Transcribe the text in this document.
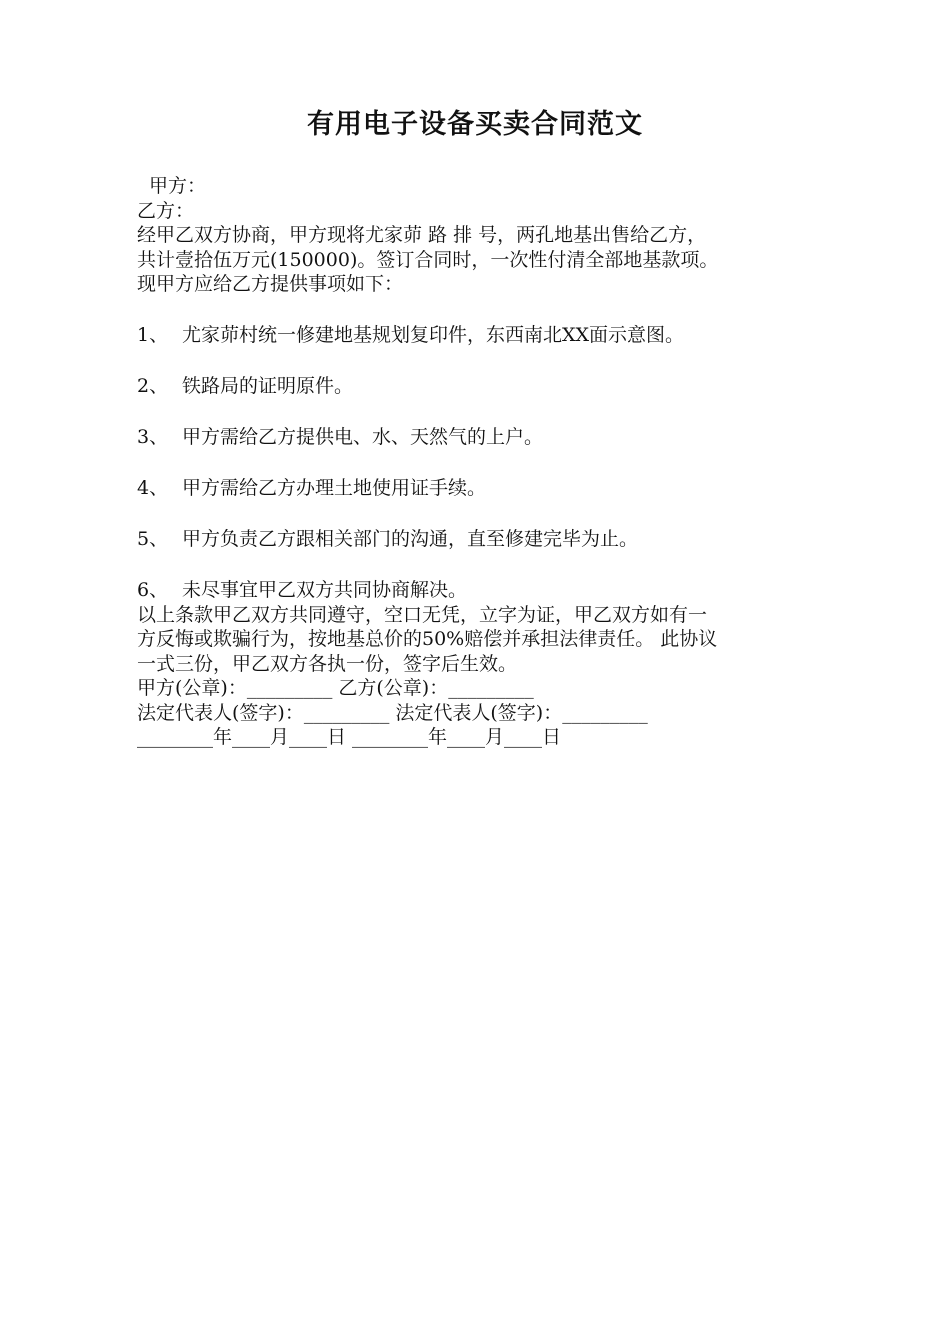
有用电子设备买卖合同范文
甲方：
乙方：
经甲乙双方协商，甲方现将尤家茆 路 排 号，两孔地基出售给乙方，
共计壹拾伍万元(150000)。签订合同时，一次性付清全部地基款项。
现甲方应给乙方提供事项如下：
1、 尤家茆村统一修建地基规划复印件，东西南北XX面示意图。
2、 铁路局的证明原件。
3、 甲方需给乙方提供电、水、天然气的上户。
4、 甲方需给乙方办理土地使用证手续。
5、 甲方负责乙方跟相关部门的沟通，直至修建完毕为止。
6、 未尽事宜甲乙双方共同协商解决。
以上条款甲乙双方共同遵守，空口无凭，立字为证，甲乙双方如有一
方反悔或欺骗行为，按地基总价的50%赔偿并承担法律责任。 此协议
一式三份，甲乙双方各执一份，签字后生效。
甲方(公章)：_________ 乙方(公章)：_________
法定代表人(签字)：_________ 法定代表人(签字)：_________
________年____月____日 ________年____月____日
